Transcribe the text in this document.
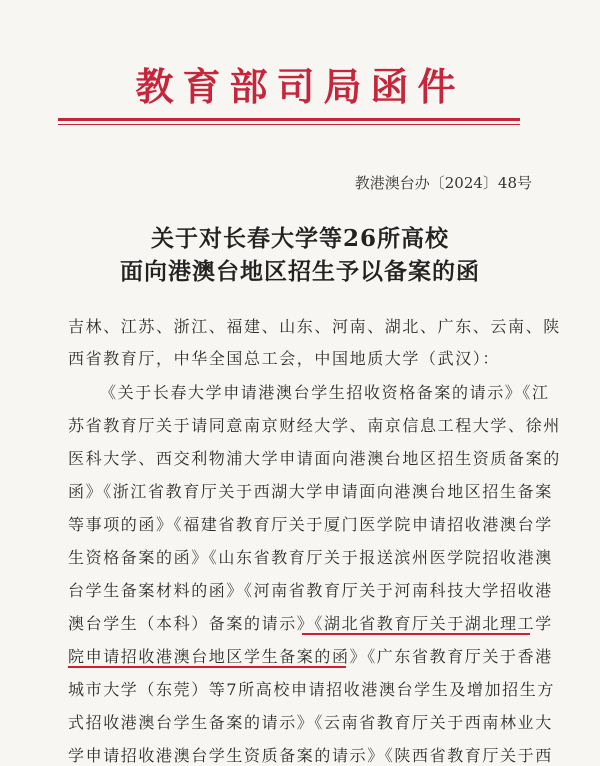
教育部司局函件
教港澳台办〔2024〕48号
关于对长春大学等26所高校
面向港澳台地区招生予以备案的函
吉林、江苏、浙江、福建、山东、河南、湖北、广东、云南、陕
西省教育厅，中华全国总工会，中国地质大学（武汉）：
《关于长春大学申请港澳台学生招收资格备案的请示》《江
苏省教育厅关于请同意南京财经大学、南京信息工程大学、徐州
医科大学、西交利物浦大学申请面向港澳台地区招生资质备案的
函》《浙江省教育厅关于西湖大学申请面向港澳台地区招生备案
等事项的函》《福建省教育厅关于厦门医学院申请招收港澳台学
生资格备案的函》《山东省教育厅关于报送滨州医学院招收港澳
台学生备案材料的函》《河南省教育厅关于河南科技大学招收港
澳台学生（本科）备案的请示》《湖北省教育厅关于湖北理工学
院申请招收港澳台地区学生备案的函》《广东省教育厅关于香港
城市大学（东莞）等7所高校申请招收港澳台学生及增加招生方
式招收港澳台学生备案的请示》《云南省教育厅关于西南林业大
学申请招收港澳台学生资质备案的请示》《陕西省教育厅关于西
